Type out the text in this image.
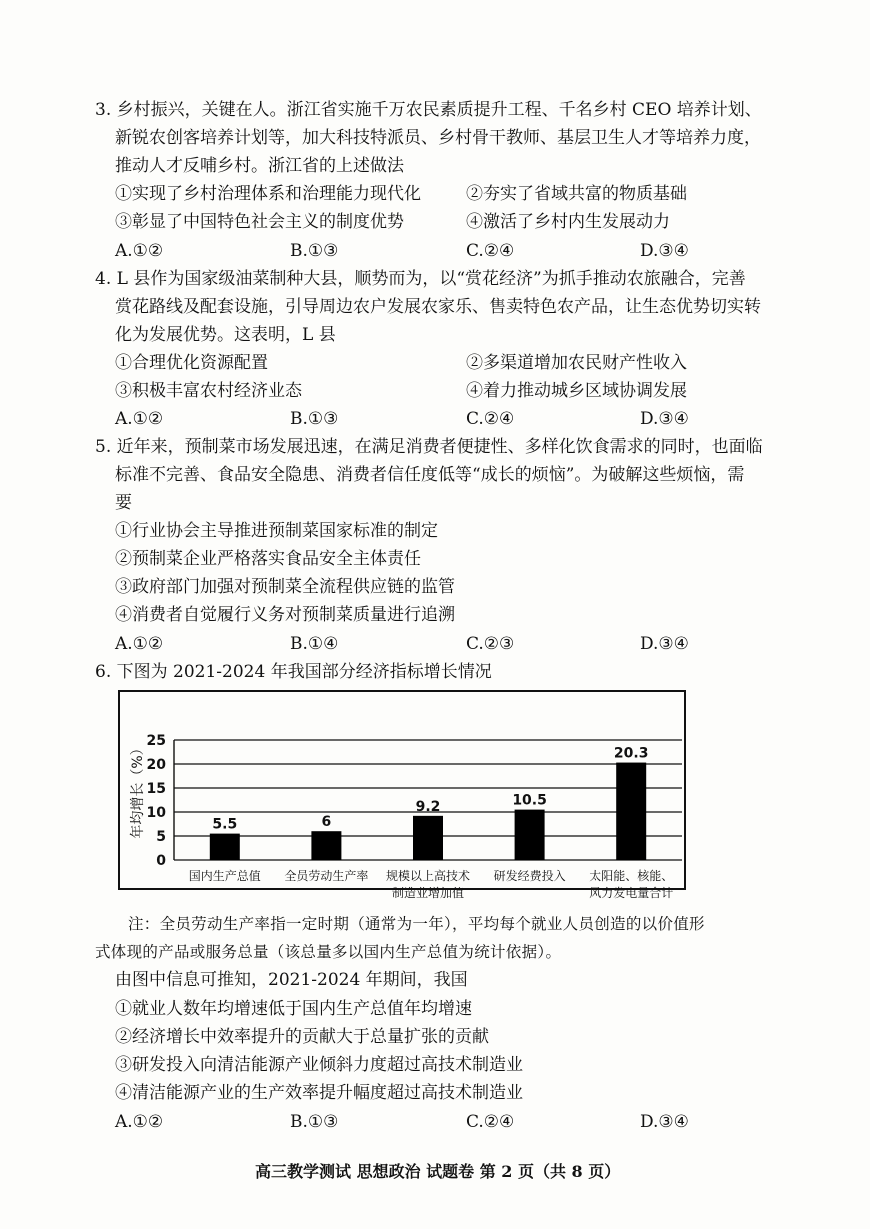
3. 乡村振兴，关键在人。浙江省实施千万农民素质提升工程、千名乡村 CEO 培养计划、
新锐农创客培养计划等，加大科技特派员、乡村骨干教师、基层卫生人才等培养力度，
推动人才反哺乡村。浙江省的上述做法
①实现了乡村治理体系和治理能力现代化	②夯实了省域共富的物质基础
③彰显了中国特色社会主义的制度优势	④激活了乡村内生发展动力
A.①②	B.①③	C.②④	D.③④
4. L 县作为国家级油菜制种大县，顺势而为，以“赏花经济”为抓手推动农旅融合，完善
赏花路线及配套设施，引导周边农户发展农家乐、售卖特色农产品，让生态优势切实转
化为发展优势。这表明，L 县
①合理优化资源配置	②多渠道增加农民财产性收入
③积极丰富农村经济业态	④着力推动城乡区域协调发展
A.①②	B.①③	C.②④	D.③④
5. 近年来，预制菜市场发展迅速，在满足消费者便捷性、多样化饮食需求的同时，也面临
标准不完善、食品安全隐患、消费者信任度低等“成长的烦恼”。为破解这些烦恼，需
要
①行业协会主导推进预制菜国家标准的制定
②预制菜企业严格落实食品安全主体责任
③政府部门加强对预制菜全流程供应链的监管
④消费者自觉履行义务对预制菜质量进行追溯
A.①②	B.①④	C.②③	D.③④
6. 下图为 2021-2024 年我国部分经济指标增长情况
年均增长（%）
0
5
10
15
20
25
5.5
国内生产总值
6
全员劳动生产率
9.2
规模以上高技术
制造业增加值
10.5
研发经费投入
20.3
太阳能、核能、
风力发电量合计
注：全员劳动生产率指一定时期（通常为一年），平均每个就业人员创造的以价值形
式体现的产品或服务总量（该总量多以国内生产总值为统计依据）。
由图中信息可推知，2021-2024 年期间，我国
①就业人数年均增速低于国内生产总值年均增速
②经济增长中效率提升的贡献大于总量扩张的贡献
③研发投入向清洁能源产业倾斜力度超过高技术制造业
④清洁能源产业的生产效率提升幅度超过高技术制造业
A.①②	B.①③	C.②④	D.③④
高三教学测试 思想政治 试题卷 第 2 页（共 8 页）
